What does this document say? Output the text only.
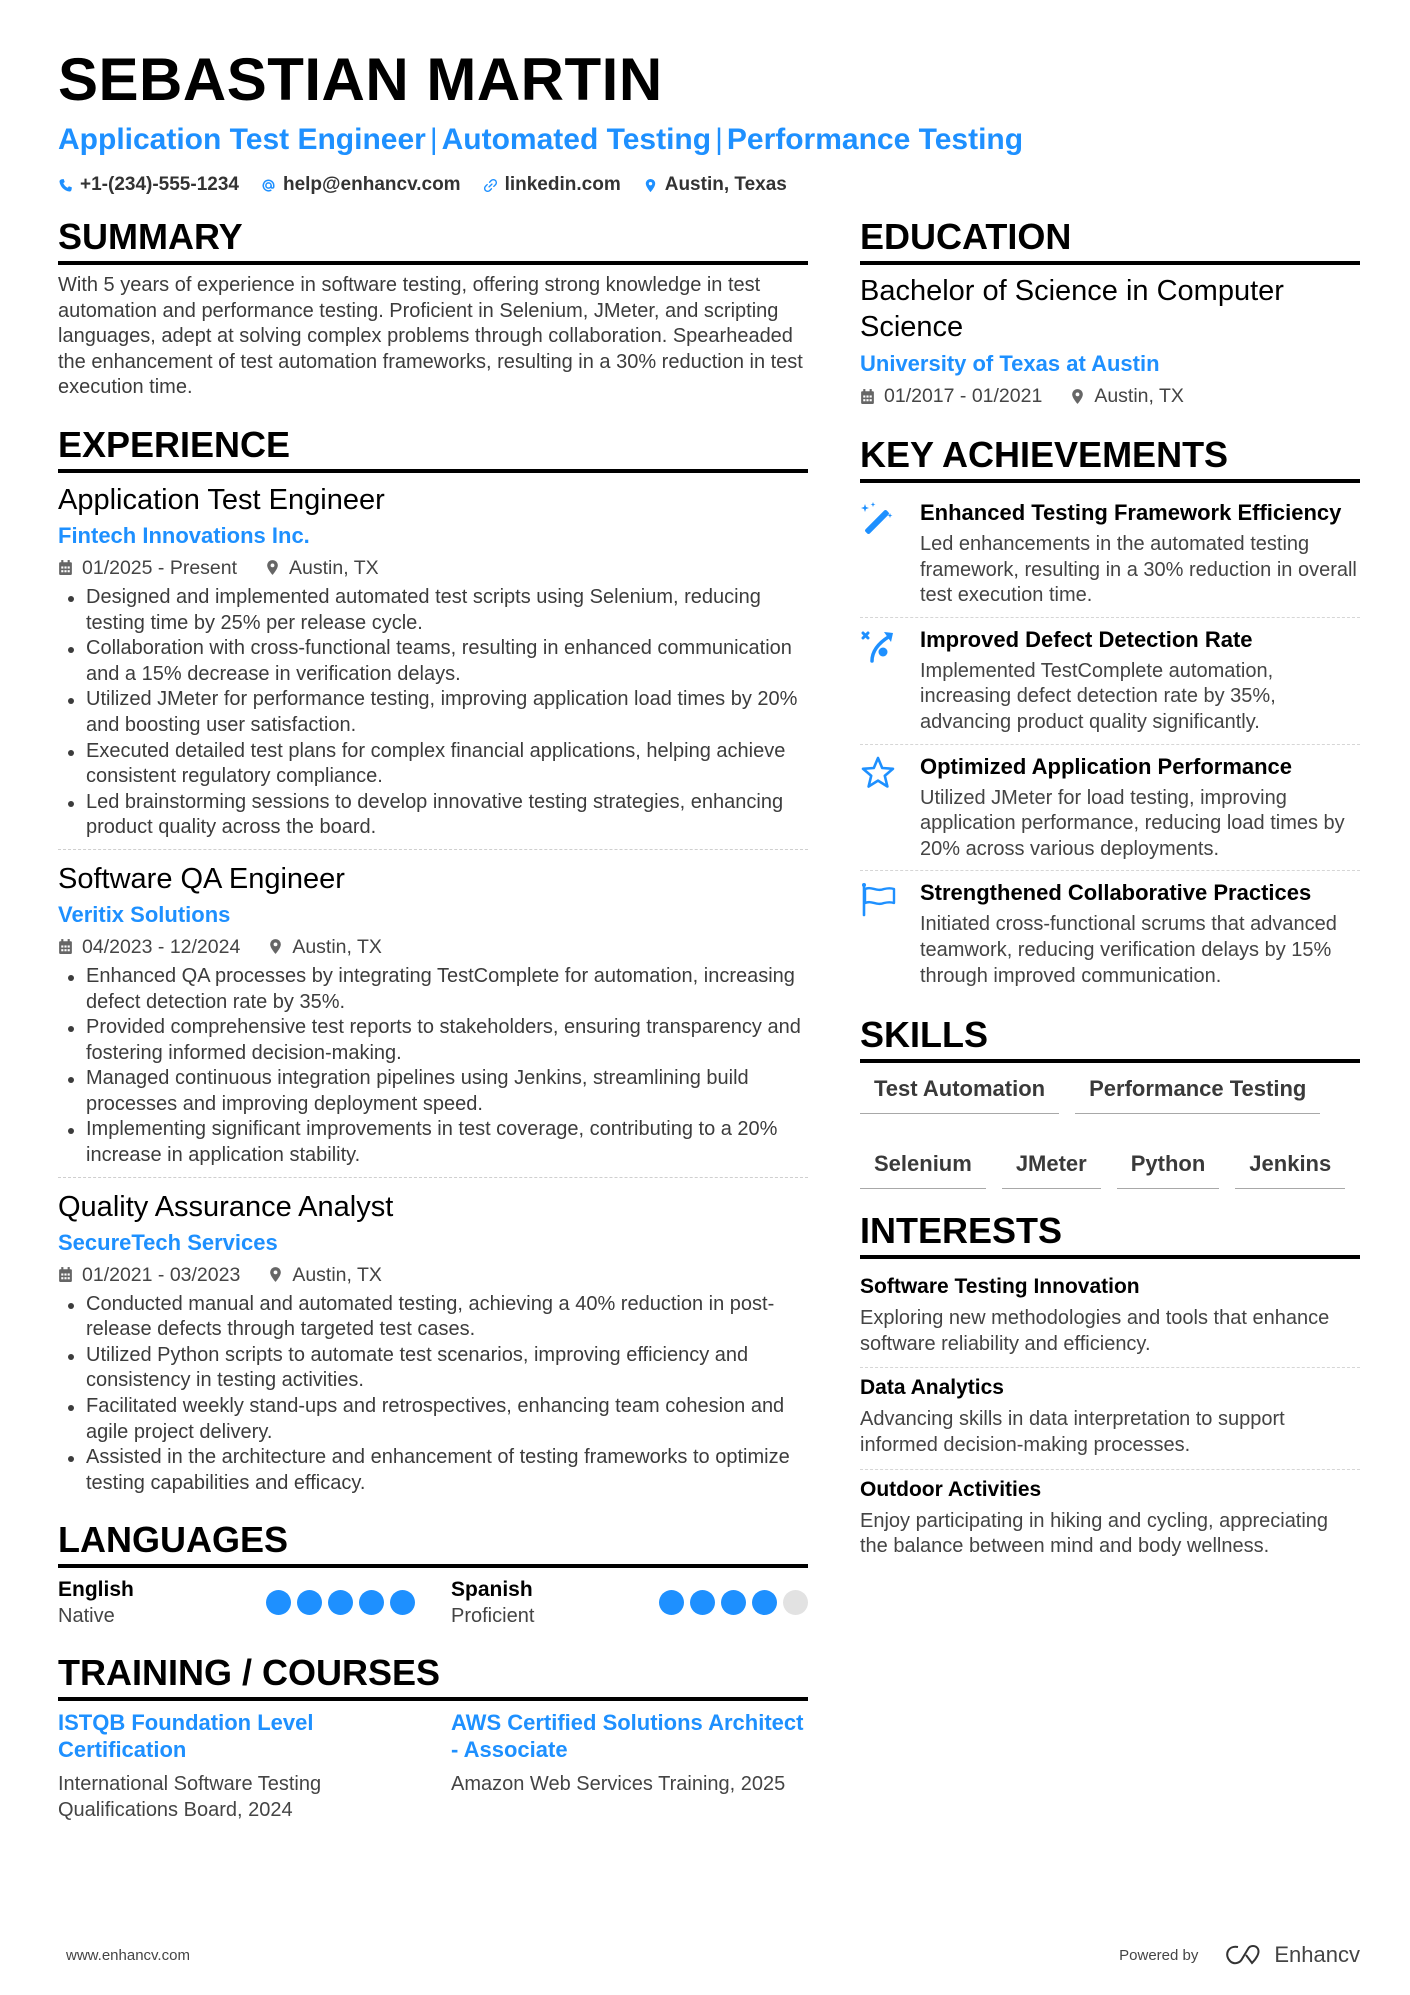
SEBASTIAN MARTIN
Application Test Engineer | Automated Testing | Performance Testing
+1-(234)-555-1234 help@enhancv.com linkedin.com Austin, Texas
SUMMARY
With 5 years of experience in software testing, offering strong knowledge in test automation and performance testing. Proficient in Selenium, JMeter, and scripting languages, adept at solving complex problems through collaboration. Spearheaded the enhancement of test automation frameworks, resulting in a 30% reduction in test execution time.
EXPERIENCE
Application Test Engineer
Fintech Innovations Inc.
01/2025 - Present	Austin, TX
Designed and implemented automated test scripts using Selenium, reducing testing time by 25% per release cycle.
Collaboration with cross-functional teams, resulting in enhanced communication and a 15% decrease in verification delays.
Utilized JMeter for performance testing, improving application load times by 20% and boosting user satisfaction.
Executed detailed test plans for complex financial applications, helping achieve consistent regulatory compliance.
Led brainstorming sessions to develop innovative testing strategies, enhancing product quality across the board.
Software QA Engineer
Veritix Solutions
04/2023 - 12/2024	Austin, TX
Enhanced QA processes by integrating TestComplete for automation, increasing defect detection rate by 35%.
Provided comprehensive test reports to stakeholders, ensuring transparency and fostering informed decision-making.
Managed continuous integration pipelines using Jenkins, streamlining build processes and improving deployment speed.
Implementing significant improvements in test coverage, contributing to a 20% increase in application stability.
Quality Assurance Analyst
SecureTech Services
01/2021 - 03/2023	Austin, TX
Conducted manual and automated testing, achieving a 40% reduction in post-release defects through targeted test cases.
Utilized Python scripts to automate test scenarios, improving efficiency and consistency in testing activities.
Facilitated weekly stand-ups and retrospectives, enhancing team cohesion and agile project delivery.
Assisted in the architecture and enhancement of testing frameworks to optimize testing capabilities and efficacy.
LANGUAGES
English
Native
Spanish
Proficient
TRAINING / COURSES
ISTQB Foundation Level Certification
International Software Testing Qualifications Board, 2024
AWS Certified Solutions Architect - Associate
Amazon Web Services Training, 2025
EDUCATION
Bachelor of Science in Computer Science
University of Texas at Austin
01/2017 - 01/2021	Austin, TX
KEY ACHIEVEMENTS
Enhanced Testing Framework Efficiency
Led enhancements in the automated testing framework, resulting in a 30% reduction in overall test execution time.
Improved Defect Detection Rate
Implemented TestComplete automation, increasing defect detection rate by 35%, advancing product quality significantly.
Optimized Application Performance
Utilized JMeter for load testing, improving application performance, reducing load times by 20% across various deployments.
Strengthened Collaborative Practices
Initiated cross-functional scrums that advanced teamwork, reducing verification delays by 15% through improved communication.
SKILLS
Test Automation	Performance Testing
Selenium	JMeter	Python	Jenkins
INTERESTS
Software Testing Innovation
Exploring new methodologies and tools that enhance software reliability and efficiency.
Data Analytics
Advancing skills in data interpretation to support informed decision-making processes.
Outdoor Activities
Enjoy participating in hiking and cycling, appreciating the balance between mind and body wellness.
www.enhancv.com	Powered by	Enhancv
